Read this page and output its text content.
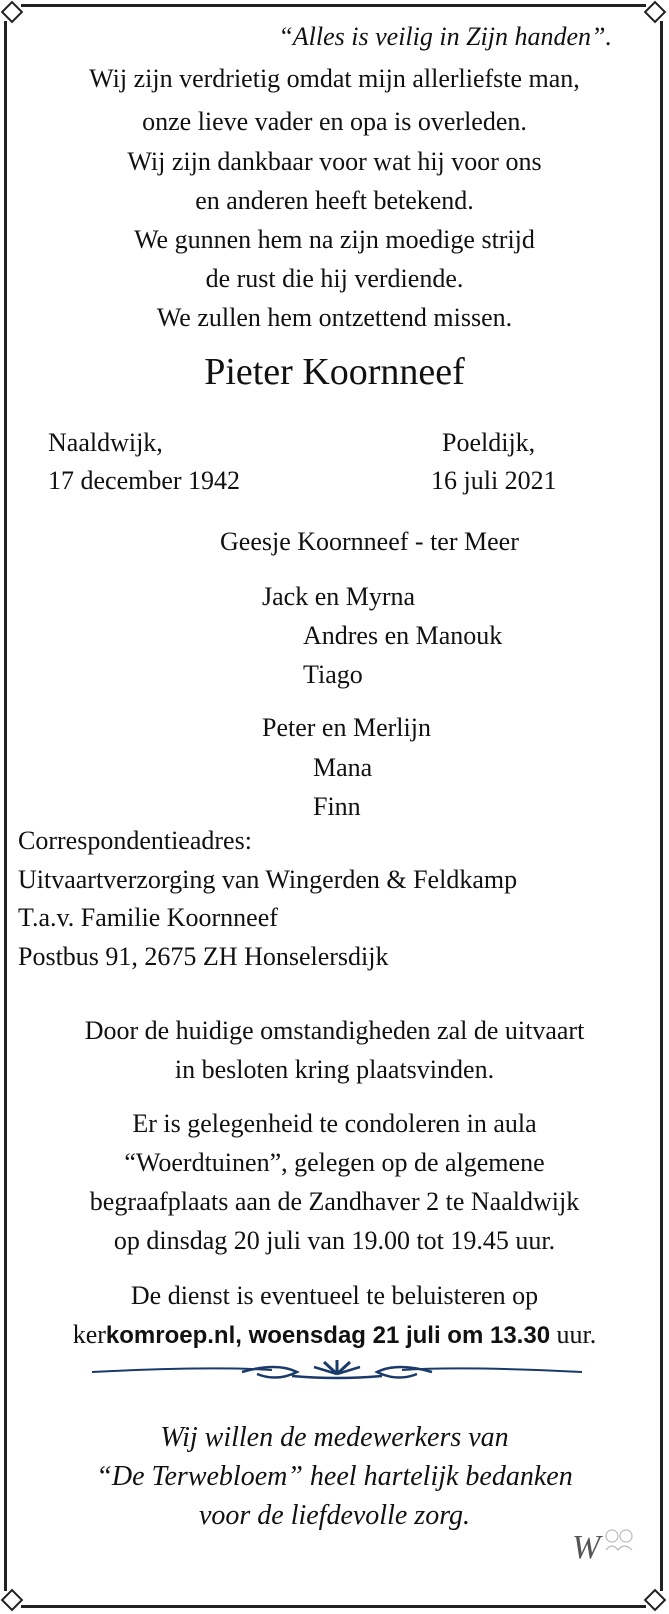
“Alles is veilig in Zijn handen”.
Wij zijn verdrietig omdat mijn allerliefste man,
onze lieve vader en opa is overleden.
Wij zijn dankbaar voor wat hij voor ons
en anderen heeft betekend.
We gunnen hem na zijn moedige strijd
de rust die hij verdiende.
We zullen hem ontzettend missen.
Pieter Koornneef
Naaldwijk,
17 december 1942
Poeldijk,
16 juli 2021
Geesje Koornneef - ter Meer
Jack en Myrna
Andres en Manouk
Tiago
Peter en Merlijn
Mana
Finn
Correspondentieadres:
Uitvaartverzorging van Wingerden & Feldkamp
T.a.v. Familie Koornneef
Postbus 91, 2675 ZH Honselersdijk
Door de huidige omstandigheden zal de uitvaart
in besloten kring plaatsvinden.
Er is gelegenheid te condoleren in aula
“Woerdtuinen”, gelegen op de algemene
begraafplaats aan de Zandhaver 2 te Naaldwijk
op dinsdag 20 juli van 19.00 tot 19.45 uur.
De dienst is eventueel te beluisteren op
kerkomroep.nl, woensdag 21 juli om 13.30 uur.
Wij willen de medewerkers van
“De Terwebloem” heel hartelijk bedanken
voor de liefdevolle zorg.
W
